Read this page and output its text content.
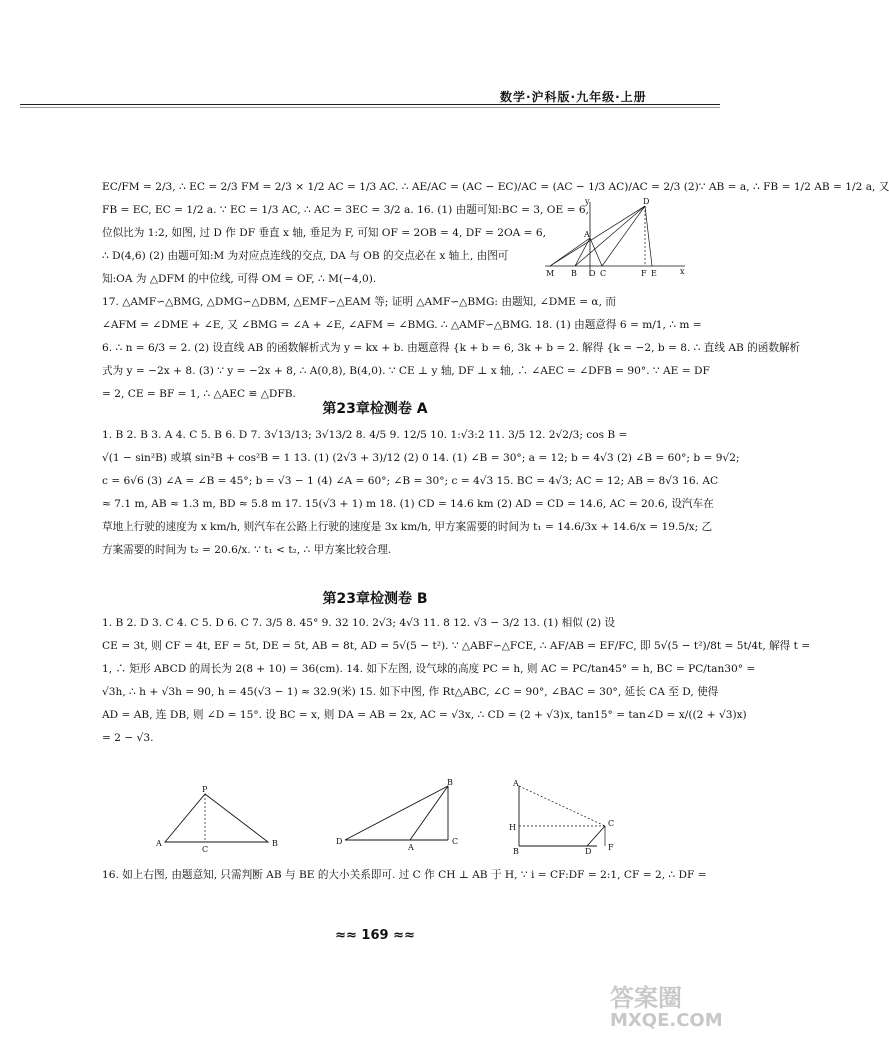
数学·沪科版·九年级·上册
y	D
A
M B O C	F E	x
EC/FM = 2/3, ∴ EC = 2/3 FM = 2/3 × 1/2 AC = 1/3 AC. ∴ AE/AC = (AC − EC)/AC = (AC − 1/3 AC)/AC = 2/3 (2)∵ AB = a, ∴ FB = 1/2 AB = 1/2 a, 又
FB = EC, EC = 1/2 a. ∵ EC = 1/3 AC, ∴ AC = 3EC = 3/2 a. 16. (1) 由题可知:BC = 3, OE = 6,
位似比为 1:2, 如图, 过 D 作 DF 垂直 x 轴, 垂足为 F, 可知 OF = 2OB = 4, DF = 2OA = 6,
∴ D(4,6) (2) 由题可知:M 为对应点连线的交点, DA 与 OB 的交点必在 x 轴上, 由图可
知:OA 为 △DFM 的中位线, 可得 OM = OF, ∴ M(−4,0).
17. △AMF∽△BMG, △DMG∽△DBM, △EMF∽△EAM 等; 证明 △AMF∽△BMG: 由题知, ∠DME = α, 而
∠AFM = ∠DME + ∠E, 又 ∠BMG = ∠A + ∠E, ∠AFM = ∠BMG. ∴ △AMF∽△BMG. 18. (1) 由题意得 6 = m/1, ∴ m =
6. ∴ n = 6/3 = 2. (2) 设直线 AB 的函数解析式为 y = kx + b. 由题意得 {k + b = 6, 3k + b = 2. 解得 {k = −2, b = 8. ∴ 直线 AB 的函数解析
式为 y = −2x + 8. (3) ∵ y = −2x + 8, ∴ A(0,8), B(4,0). ∵ CE ⊥ y 轴, DF ⊥ x 轴, ∴ ∠AEC = ∠DFB = 90°. ∵ AE = DF
= 2, CE = BF = 1, ∴ △AEC ≌ △DFB.
第23章检测卷 A
1. B 2. B 3. A 4. C 5. B 6. D 7. 3√13/13; 3√13/2 8. 4/5 9. 12/5 10. 1:√3:2 11. 3/5 12. 2√2/3; cos B =
√(1 − sin²B) 或填 sin²B + cos²B = 1 13. (1) (2√3 + 3)/12 (2) 0 14. (1) ∠B = 30°; a = 12; b = 4√3 (2) ∠B = 60°; b = 9√2;
c = 6√6 (3) ∠A = ∠B = 45°; b = √3 − 1 (4) ∠A = 60°; ∠B = 30°; c = 4√3 15. BC = 4√3; AC = 12; AB = 8√3 16. AC
≈ 7.1 m, AB ≈ 1.3 m, BD ≈ 5.8 m 17. 15(√3 + 1) m 18. (1) CD = 14.6 km (2) AD = CD = 14.6, AC = 20.6, 设汽车在
草地上行驶的速度为 x km/h, 则汽车在公路上行驶的速度是 3x km/h, 甲方案需要的时间为 t₁ = 14.6/3x + 14.6/x = 19.5/x; 乙
方案需要的时间为 t₂ = 20.6/x. ∵ t₁ < t₂, ∴ 甲方案比较合理.
第23章检测卷 B
1. B 2. D 3. C 4. C 5. D 6. C 7. 3/5 8. 45° 9. 32 10. 2√3; 4√3 11. 8 12. √3 − 3/2 13. (1) 相似 (2) 设
CE = 3t, 则 CF = 4t, EF = 5t, DE = 5t, AB = 8t, AD = 5√(5 − t²). ∵ △ABF∽△FCE, ∴ AF/AB = EF/FC, 即 5√(5 − t²)/8t = 5t/4t, 解得 t =
1, ∴ 矩形 ABCD 的周长为 2(8 + 10) = 36(cm). 14. 如下左图, 设气球的高度 PC = h, 则 AC = PC/tan45° = h, BC = PC/tan30° =
√3h, ∴ h + √3h = 90, h = 45(√3 − 1) ≈ 32.9(米) 15. 如下中图, 作 Rt△ABC, ∠C = 90°, ∠BAC = 30°, 延长 CA 至 D, 使得
AD = AB, 连 DB, 则 ∠D = 15°. 设 BC = x, 则 DA = AB = 2x, AC = √3x, ∴ CD = (2 + √3)x, tan15° = tan∠D = x/((2 + √3)x)
= 2 − √3.
P
A
C
B
B
D
A
C
A
H	C
B	D F
16. 如上右图, 由题意知, 只需判断 AB 与 BE 的大小关系即可. 过 C 作 CH ⊥ AB 于 H, ∵ i = CF:DF = 2:1, CF = 2, ∴ DF =
≈≈ 169 ≈≈
答案圈
MXQE.COM
